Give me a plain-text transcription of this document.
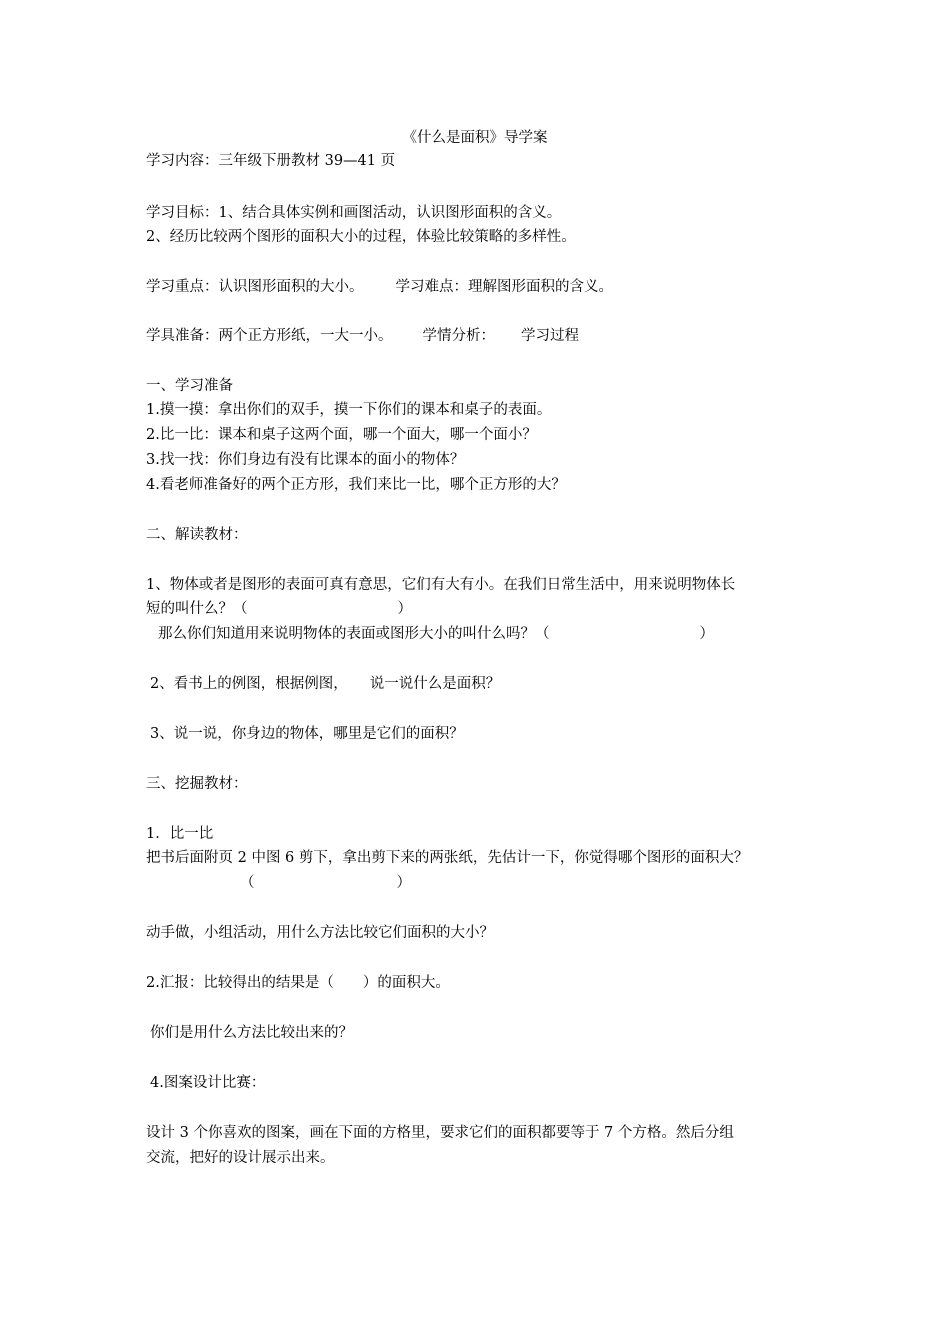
《什么是面积》导学案
学习内容：三年级下册教材 39—41 页
学习目标：1、结合具体实例和画图活动，认识图形面积的含义。
2、经历比较两个图形的面积大小的过程，体验比较策略的多样性。
学习重点：认识图形面积的大小。 学习难点：理解图形面积的含义。
学具准备：两个正方形纸，一大一小。 学情分析： 学习过程
一、学习准备
1.摸一摸：拿出你们的双手，摸一下你们的课本和桌子的表面。
2.比一比：课本和桌子这两个面，哪一个面大，哪一个面小？
3.找一找：你们身边有没有比课本的面小的物体？
4.看老师准备好的两个正方形，我们来比一比，哪个正方形的大？
二、解读教材：
1、物体或者是图形的表面可真有意思，它们有大有小。在我们日常生活中，用来说明物体长
短的叫什么？（	）
那么你们知道用来说明物体的表面或图形大小的叫什么吗？（	）
2、看书上的例图，根据例图， 说一说什么是面积？
3、说一说，你身边的物体，哪里是它们的面积？
三、挖掘教材：
1．比一比
把书后面附页 2 中图 6 剪下，拿出剪下来的两张纸，先估计一下，你觉得哪个图形的面积大？
（	）
动手做，小组活动，用什么方法比较它们面积的大小？
2.汇报：比较得出的结果是（　　）的面积大。
你们是用什么方法比较出来的？
4.图案设计比赛：
设计 3 个你喜欢的图案，画在下面的方格里，要求它们的面积都要等于 7 个方格。然后分组
交流，把好的设计展示出来。
